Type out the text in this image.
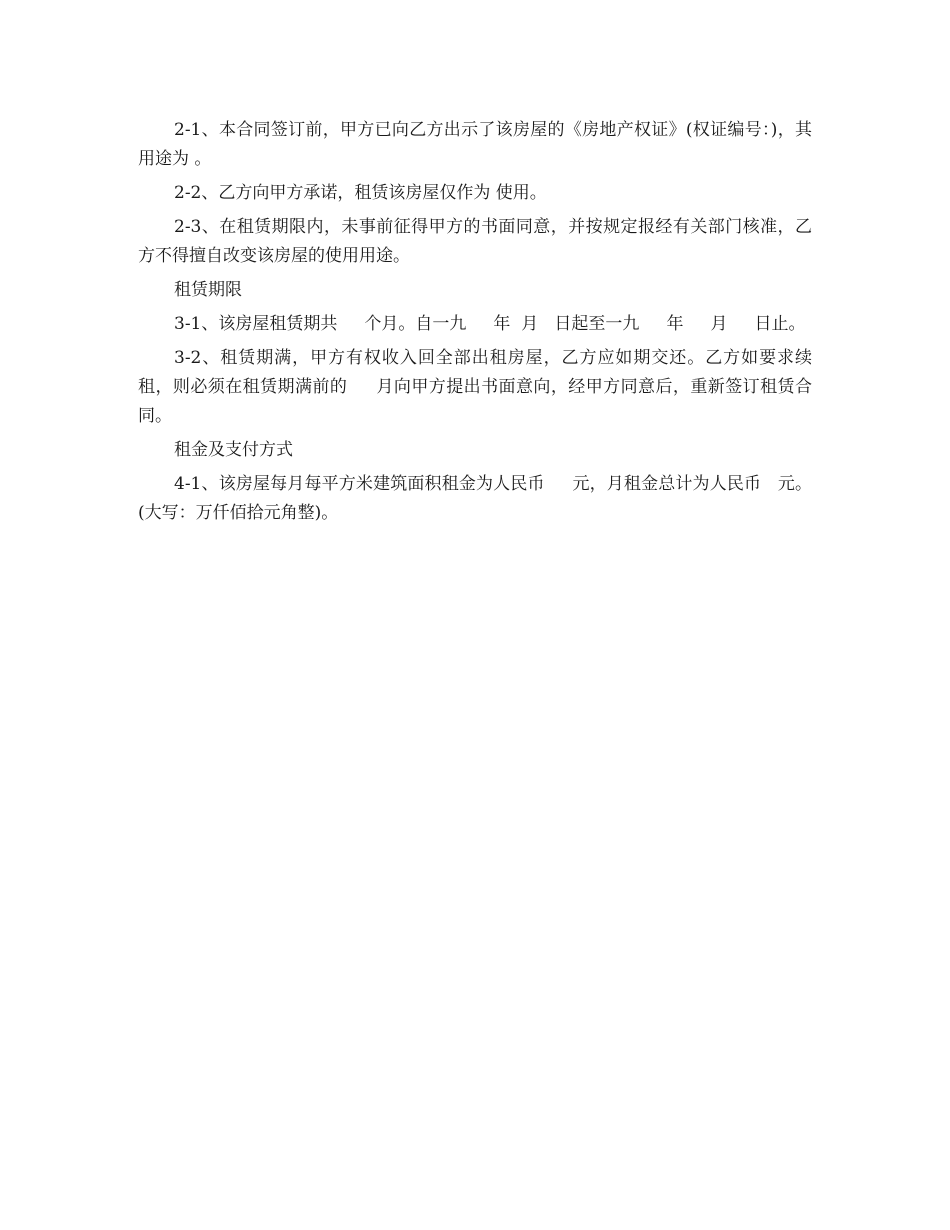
2-1、本合同签订前，甲方已向乙方出示了该房屋的《房地产权证》(权证编号：)，其用途为 。

2-2、乙方向甲方承诺，租赁该房屋仅作为 使用。

2-3、在租赁期限内，未事前征得甲方的书面同意，并按规定报经有关部门核准，乙方不得擅自改变该房屋的使用用途。

租赁期限

3-1、该房屋租赁期共     个月。自一九     年  月   日起至一九     年     月     日止。

3-2、租赁期满，甲方有权收入回全部出租房屋，乙方应如期交还。乙方如要求续租，则必须在租赁期满前的     月向甲方提出书面意向，经甲方同意后，重新签订租赁合同。

租金及支付方式

4-1、该房屋每月每平方米建筑面积租金为人民币     元，月租金总计为人民币   元。(大写：万仟佰拾元角整)。
